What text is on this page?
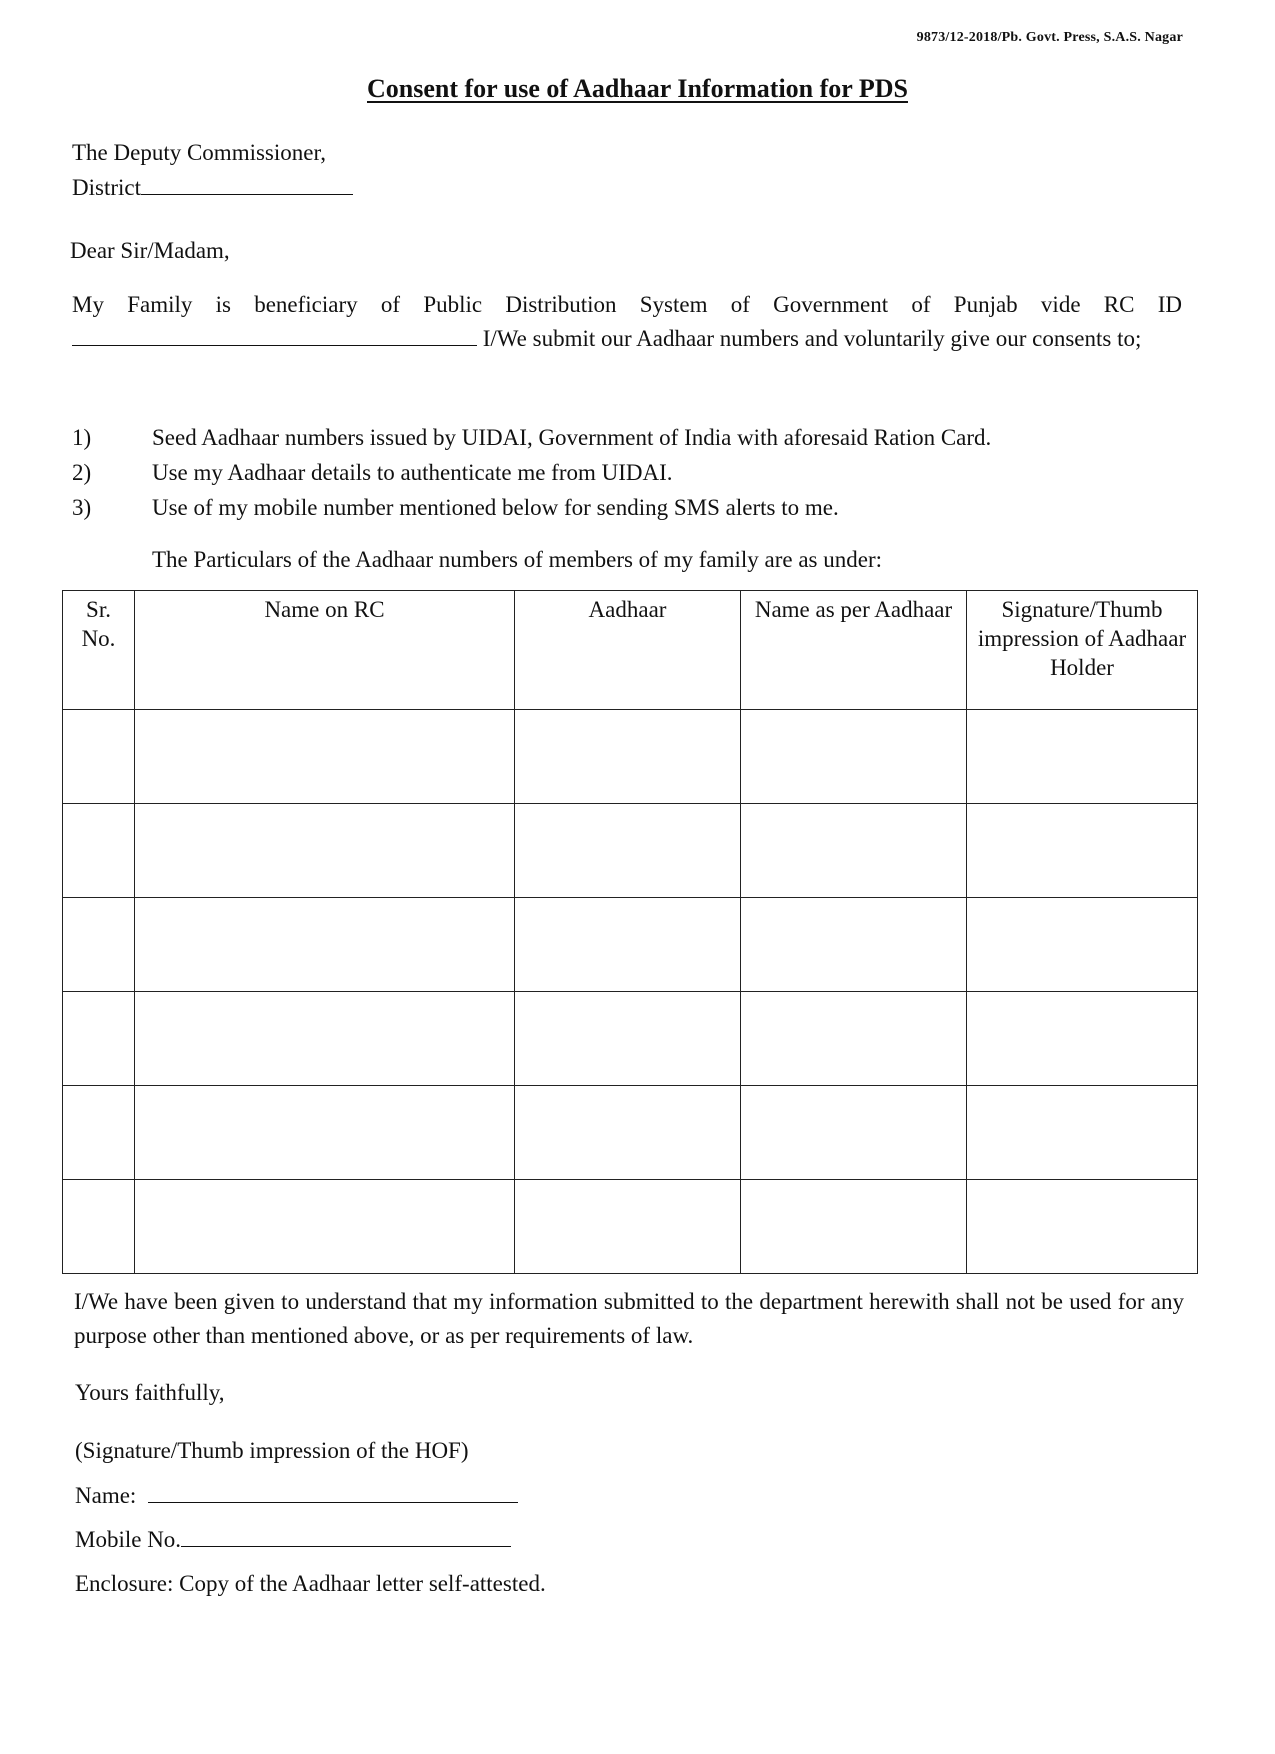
9873/12-2018/Pb. Govt. Press, S.A.S. Nagar
Consent for use of Aadhaar Information for PDS
The Deputy Commissioner,
District
Dear Sir/Madam,
My Family is beneficiary of Public Distribution System of Government of Punjab vide RC ID I/We submit our Aadhaar numbers and voluntarily give our consents to;
1)	Seed Aadhaar numbers issued by UIDAI, Government of India with aforesaid Ration Card.
2)	Use my Aadhaar details to authenticate me from UIDAI.
3)	Use of my mobile number mentioned below for sending SMS alerts to me.
The Particulars of the Aadhaar numbers of members of my family are as under:
Sr. No.	Name on RC	Aadhaar	Name as per Aadhaar	Signature/Thumb impression of Aadhaar Holder

I/We have been given to understand that my information submitted to the department herewith shall not be used for any purpose other than mentioned above, or as per requirements of law.
Yours faithfully,
(Signature/Thumb impression of the HOF)
Name:
Mobile No.
Enclosure: Copy of the Aadhaar letter self-attested.
